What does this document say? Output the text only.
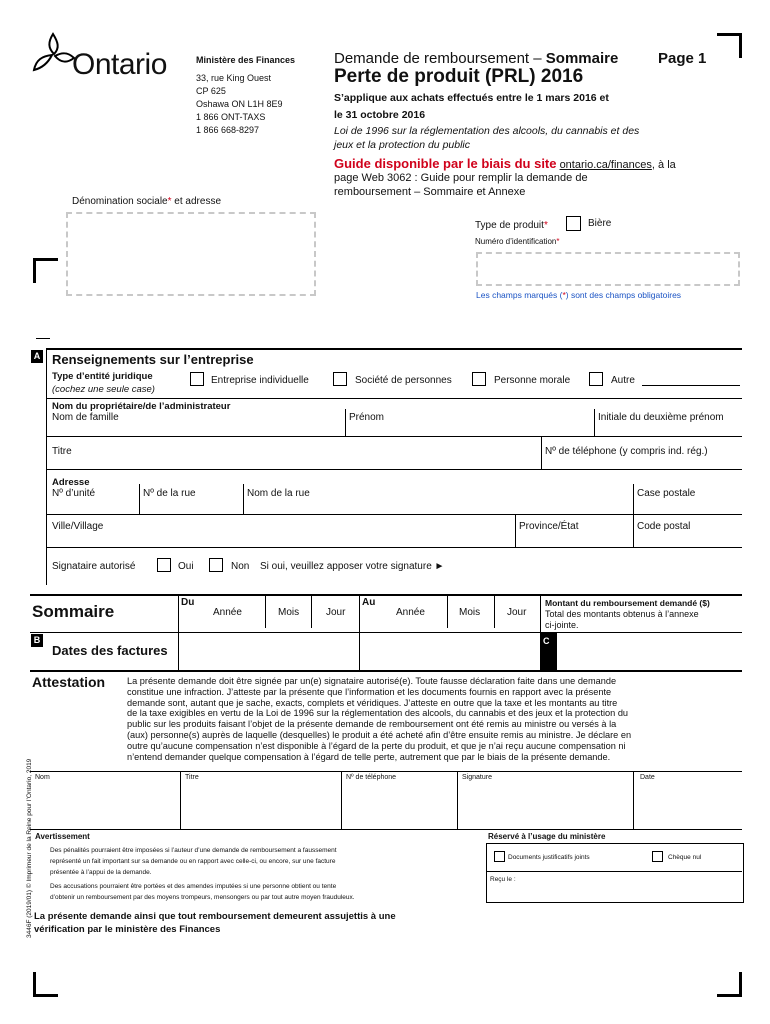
Ontario	Ministère des Finances
33, rue King Ouest
CP 625
Oshawa ON L1H 8E9
1 866 ONT-TAXS
1 866 668-8297
Demande de remboursement – Sommaire	Page 1
Perte de produit (PRL) 2016
S’applique aux achats effectués entre le 1 mars 2016 et
le 31 octobre 2016
Loi de 1996 sur la réglementation des alcools, du cannabis et des
jeux et la protection du public
Guide disponible par le biais du site ontario.ca/finances, à la
page Web 3062 : Guide pour remplir la demande de
remboursement – Sommaire et Annexe
Dénomination sociale* et adresse
Type de produit*	Bière
Numéro d’identification*
Les champs marqués (*) sont des champs obligatoires
A Renseignements sur l’entreprise
Type d’entité juridique
(cochez une seule case)
Entreprise individuelle	Société de personnes	Personne morale	Autre
Nom du propriétaire/de l’administrateur
Nom de famille	Prénom	Initiale du deuxième prénom
Titre	Nº de téléphone (y compris ind. rég.)
Adresse
Nº d’unité	Nº de la rue	Nom de la rue	Case postale
Ville/Village	Province/État	Code postal
Signataire autorisé	Oui	Non Si oui, veuillez apposer votre signature ►
Sommaire	Du
Année	Mois	Jour
Au
Année	Mois	Jour
Montant du remboursement demandé ($)
Total des montants obtenus à l’annexe
ci-jointe.
B
Dates des factures
C
Attestation La présente demande doit être signée par un(e) signataire autorisé(e). Toute fausse déclaration faite dans une demande
constitue une infraction. J’atteste par la présente que l’information et les documents fournis en rapport avec la présente
demande sont, autant que je sache, exacts, complets et véridiques. J’atteste en outre que la taxe et les montants au titre
de la taxe exigibles en vertu de la Loi de 1996 sur la réglementation des alcools, du cannabis et des jeux et la protection du
public sur les produits faisant l’objet de la présente demande de remboursement ont été remis au ministre ou versés à la
(aux) personne(s) auprès de laquelle (desquelles) le produit a été acheté afin d’être ensuite remis au ministre. Je déclare en
outre qu’aucune compensation n’est disponible à l’égard de la perte du produit, et que je n’ai reçu aucune compensation ni
n’entend demander quelque compensation à l’égard de telle perte, autrement que par le biais de la présente demande.
Nom	Titre	Nº de téléphone	Signature	Date
Avertissement
Des pénalités pourraient être imposées si l’auteur d’une demande de remboursement a faussement
représenté un fait important sur sa demande ou en rapport avec celle-ci, ou encore, sur une facture
présentée à l’appui de la demande.
Des accusations pourraient être portées et des amendes imputées si une personne obtient ou tente
d’obtenir un remboursement par des moyens trompeurs, mensongers ou par tout autre moyen frauduleux.
La présente demande ainsi que tout remboursement demeurent assujettis à une
vérification par le ministère des Finances
Réservé à l’usage du ministère
Documents justificatifs joints	Chèque nul
Reçu le :
3446F (2019/01) © Imprimeur de la Reine pour l’Ontario, 2019
